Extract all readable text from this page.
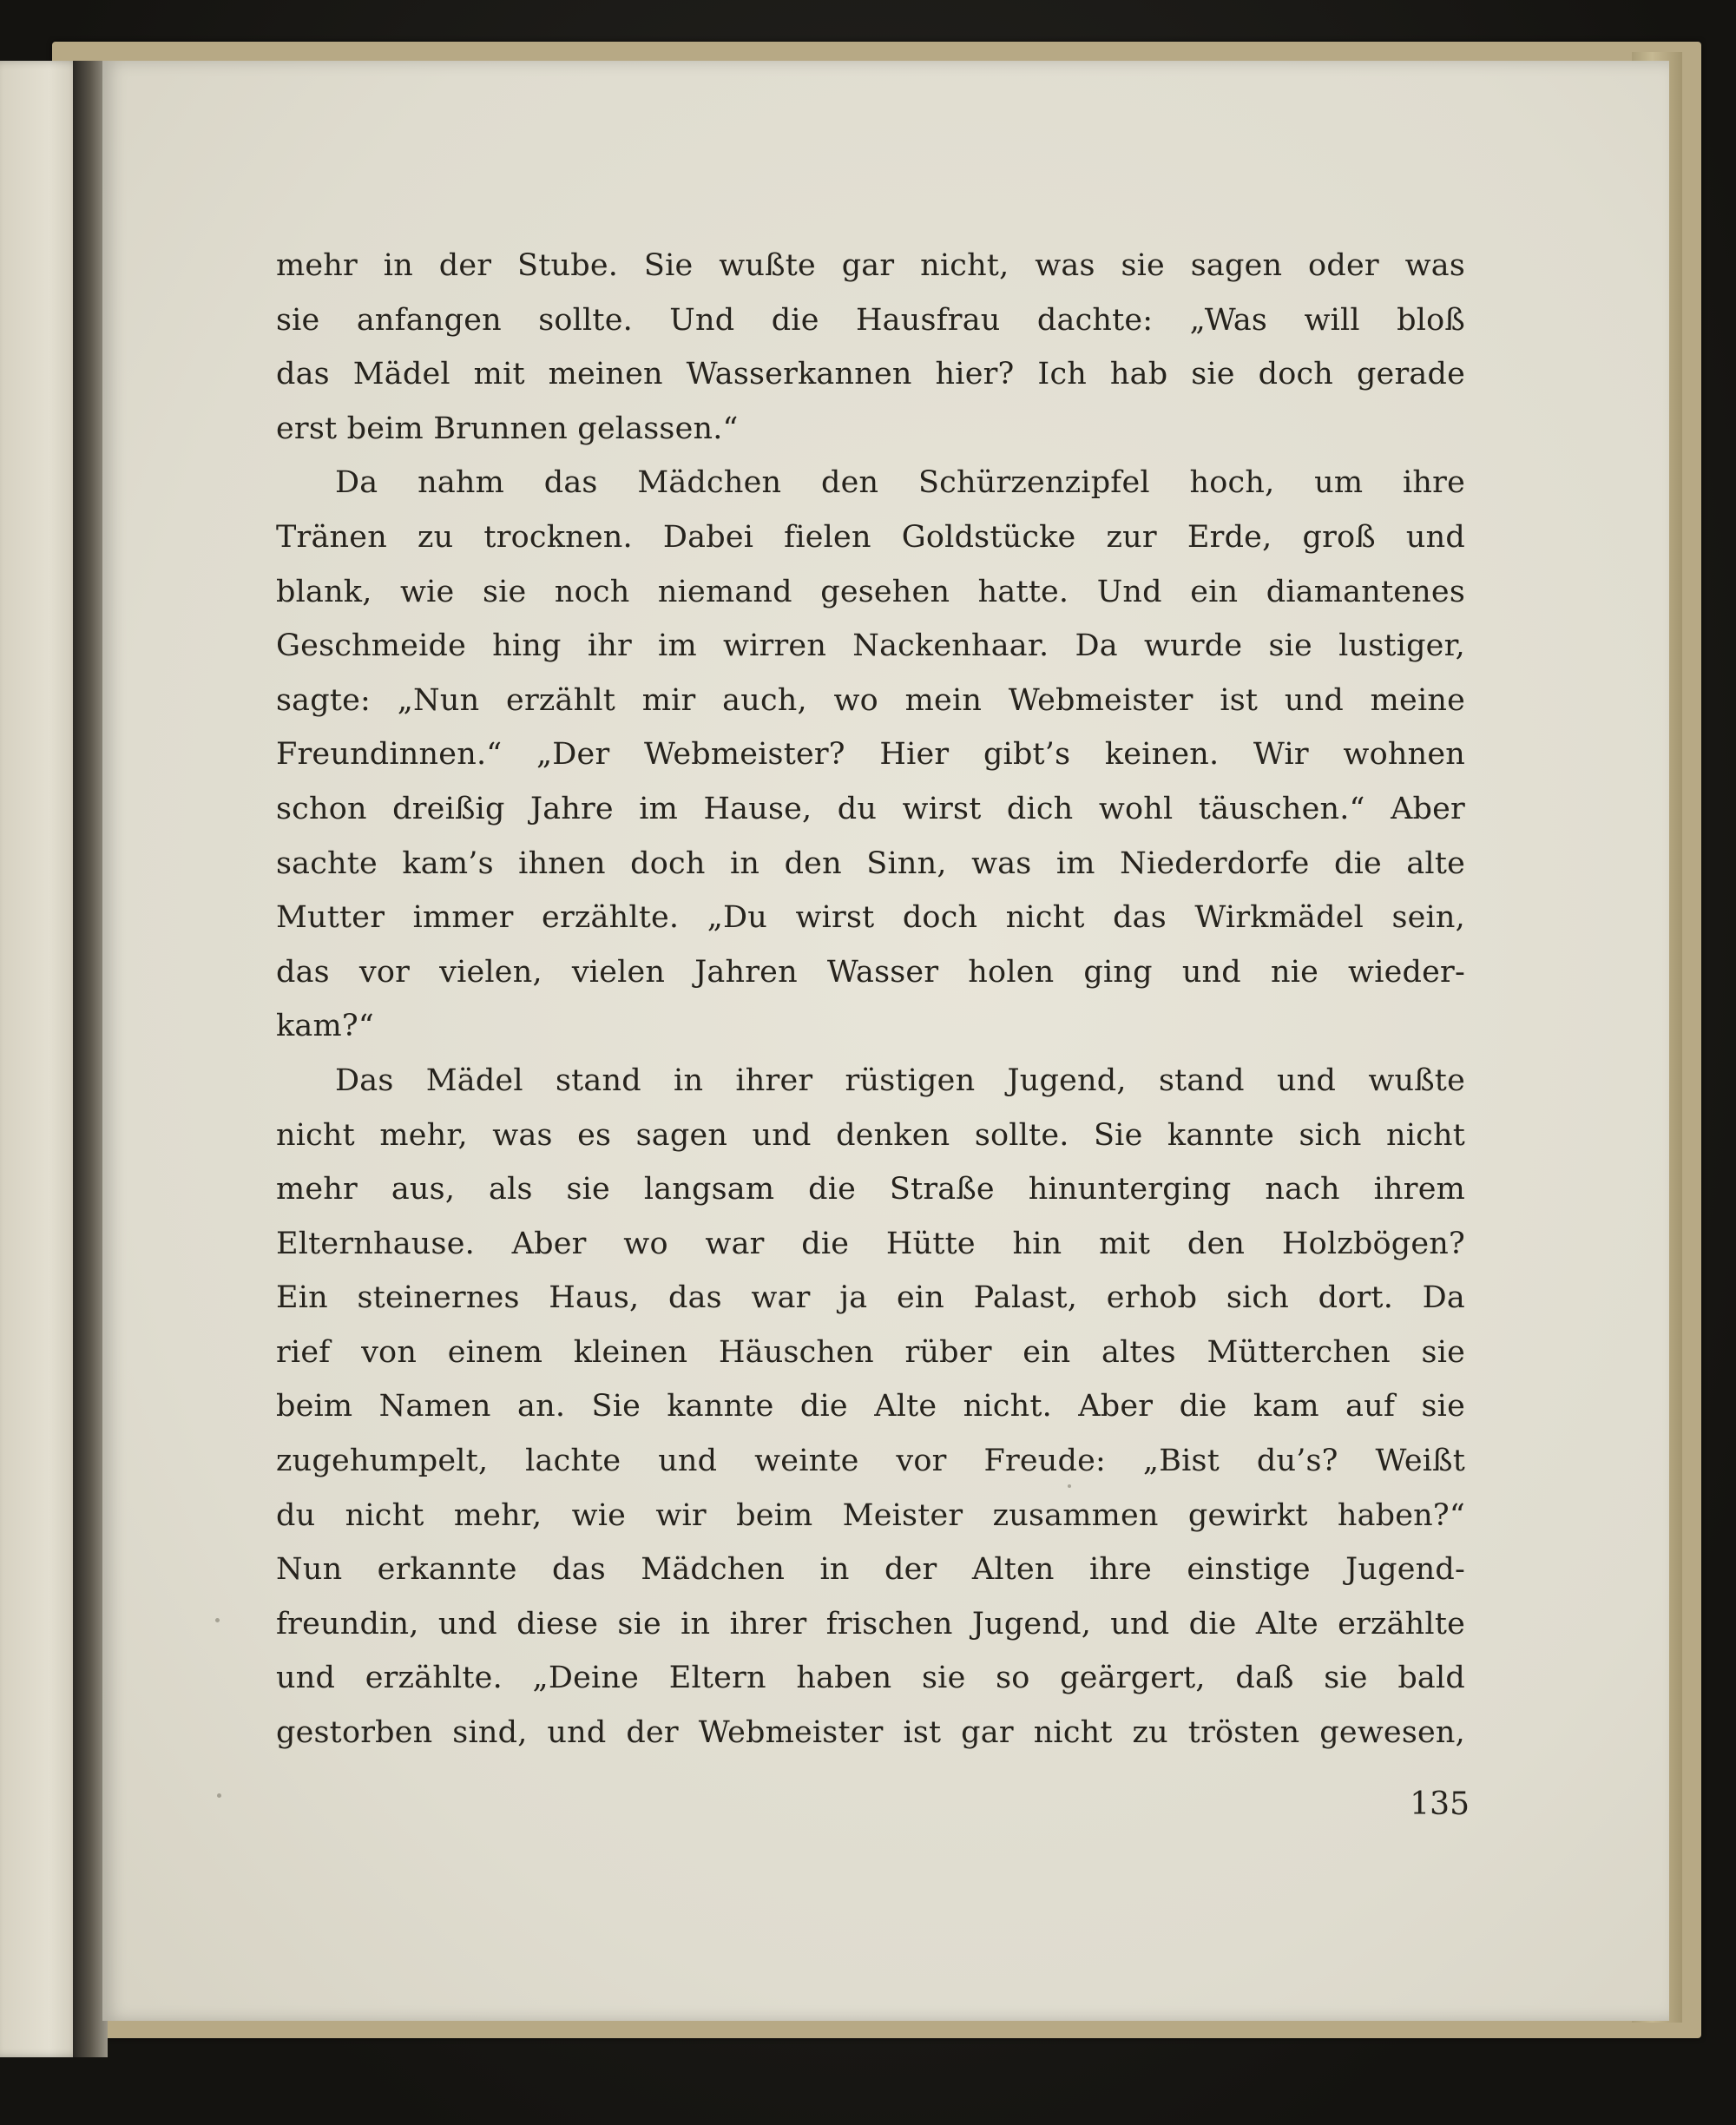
mehr in der Stube. Sie wußte gar nicht, was sie sagen oder was
sie anfangen sollte. Und die Hausfrau dachte: „Was will bloß
das Mädel mit meinen Wasserkannen hier? Ich hab sie doch gerade
erst beim Brunnen gelassen.“
Da nahm das Mädchen den Schürzenzipfel hoch, um ihre
Tränen zu trocknen. Dabei fielen Goldstücke zur Erde, groß und
blank, wie sie noch niemand gesehen hatte. Und ein diamantenes
Geschmeide hing ihr im wirren Nackenhaar. Da wurde sie lustiger,
sagte: „Nun erzählt mir auch, wo mein Webmeister ist und meine
Freundinnen.“ „Der Webmeister? Hier gibt’s keinen. Wir wohnen
schon dreißig Jahre im Hause, du wirst dich wohl täuschen.“ Aber
sachte kam’s ihnen doch in den Sinn, was im Niederdorfe die alte
Mutter immer erzählte. „Du wirst doch nicht das Wirkmädel sein,
das vor vielen, vielen Jahren Wasser holen ging und nie wieder-
kam?“
Das Mädel stand in ihrer rüstigen Jugend, stand und wußte
nicht mehr, was es sagen und denken sollte. Sie kannte sich nicht
mehr aus, als sie langsam die Straße hinunterging nach ihrem
Elternhause. Aber wo war die Hütte hin mit den Holzbögen?
Ein steinernes Haus, das war ja ein Palast, erhob sich dort. Da
rief von einem kleinen Häuschen rüber ein altes Mütterchen sie
beim Namen an. Sie kannte die Alte nicht. Aber die kam auf sie
zugehumpelt, lachte und weinte vor Freude: „Bist du’s? Weißt
du nicht mehr, wie wir beim Meister zusammen gewirkt haben?“
Nun erkannte das Mädchen in der Alten ihre einstige Jugend-
freundin, und diese sie in ihrer frischen Jugend, und die Alte erzählte
und erzählte. „Deine Eltern haben sie so geärgert, daß sie bald
gestorben sind, und der Webmeister ist gar nicht zu trösten gewesen,
135
